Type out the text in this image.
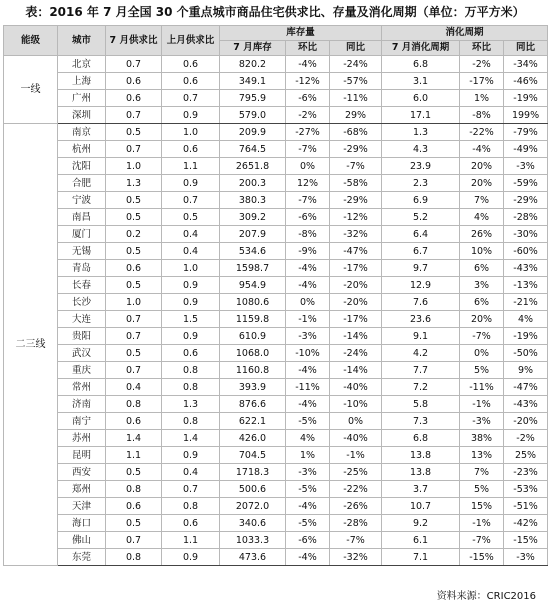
表：2016 年 7 月全国 30 个重点城市商品住宅供求比、存量及消化周期（单位：万平方米）
能级	城市	7 月供求比	上月供求比	库存量			消化周期		
				7 月库存	环比	同比	7 月消化周期	环比	同比
一线	北京	0.7	0.6	820.2	-4%	-24%	6.8	-2%	-34%
	上海	0.6	0.6	349.1	-12%	-57%	3.1	-17%	-46%
	广州	0.6	0.7	795.9	-6%	-11%	6.0	1%	-19%
	深圳	0.7	0.9	579.0	-2%	29%	17.1	-8%	199%
二三线	南京	0.5	1.0	209.9	-27%	-68%	1.3	-22%	-79%
	杭州	0.7	0.6	764.5	-7%	-29%	4.3	-4%	-49%
	沈阳	1.0	1.1	2651.8	0%	-7%	23.9	20%	-3%
	合肥	1.3	0.9	200.3	12%	-58%	2.3	20%	-59%
	宁波	0.5	0.7	380.3	-7%	-29%	6.9	7%	-29%
	南昌	0.5	0.5	309.2	-6%	-12%	5.2	4%	-28%
	厦门	0.2	0.4	207.9	-8%	-32%	6.4	26%	-30%
	无锡	0.5	0.4	534.6	-9%	-47%	6.7	10%	-60%
	青岛	0.6	1.0	1598.7	-4%	-17%	9.7	6%	-43%
	长春	0.5	0.9	954.9	-4%	-20%	12.9	3%	-13%
	长沙	1.0	0.9	1080.6	0%	-20%	7.6	6%	-21%
	大连	0.7	1.5	1159.8	-1%	-17%	23.6	20%	4%
	贵阳	0.7	0.9	610.9	-3%	-14%	9.1	-7%	-19%
	武汉	0.5	0.6	1068.0	-10%	-24%	4.2	0%	-50%
	重庆	0.7	0.8	1160.8	-4%	-14%	7.7	5%	9%
	常州	0.4	0.8	393.9	-11%	-40%	7.2	-11%	-47%
	济南	0.8	1.3	876.6	-4%	-10%	5.8	-1%	-43%
	南宁	0.6	0.8	622.1	-5%	0%	7.3	-3%	-20%
	苏州	1.4	1.4	426.0	4%	-40%	6.8	38%	-2%
	昆明	1.1	0.9	704.5	1%	-1%	13.8	13%	25%
	西安	0.5	0.4	1718.3	-3%	-25%	13.8	7%	-23%
	郑州	0.8	0.7	500.6	-5%	-22%	3.7	5%	-53%
	天津	0.6	0.8	2072.0	-4%	-26%	10.7	15%	-51%
	海口	0.5	0.6	340.6	-5%	-28%	9.2	-1%	-42%
	佛山	0.7	1.1	1033.3	-6%	-7%	6.1	-7%	-15%
	东莞	0.8	0.9	473.6	-4%	-32%	7.1	-15%	-3%
资料来源：CRIC2016
